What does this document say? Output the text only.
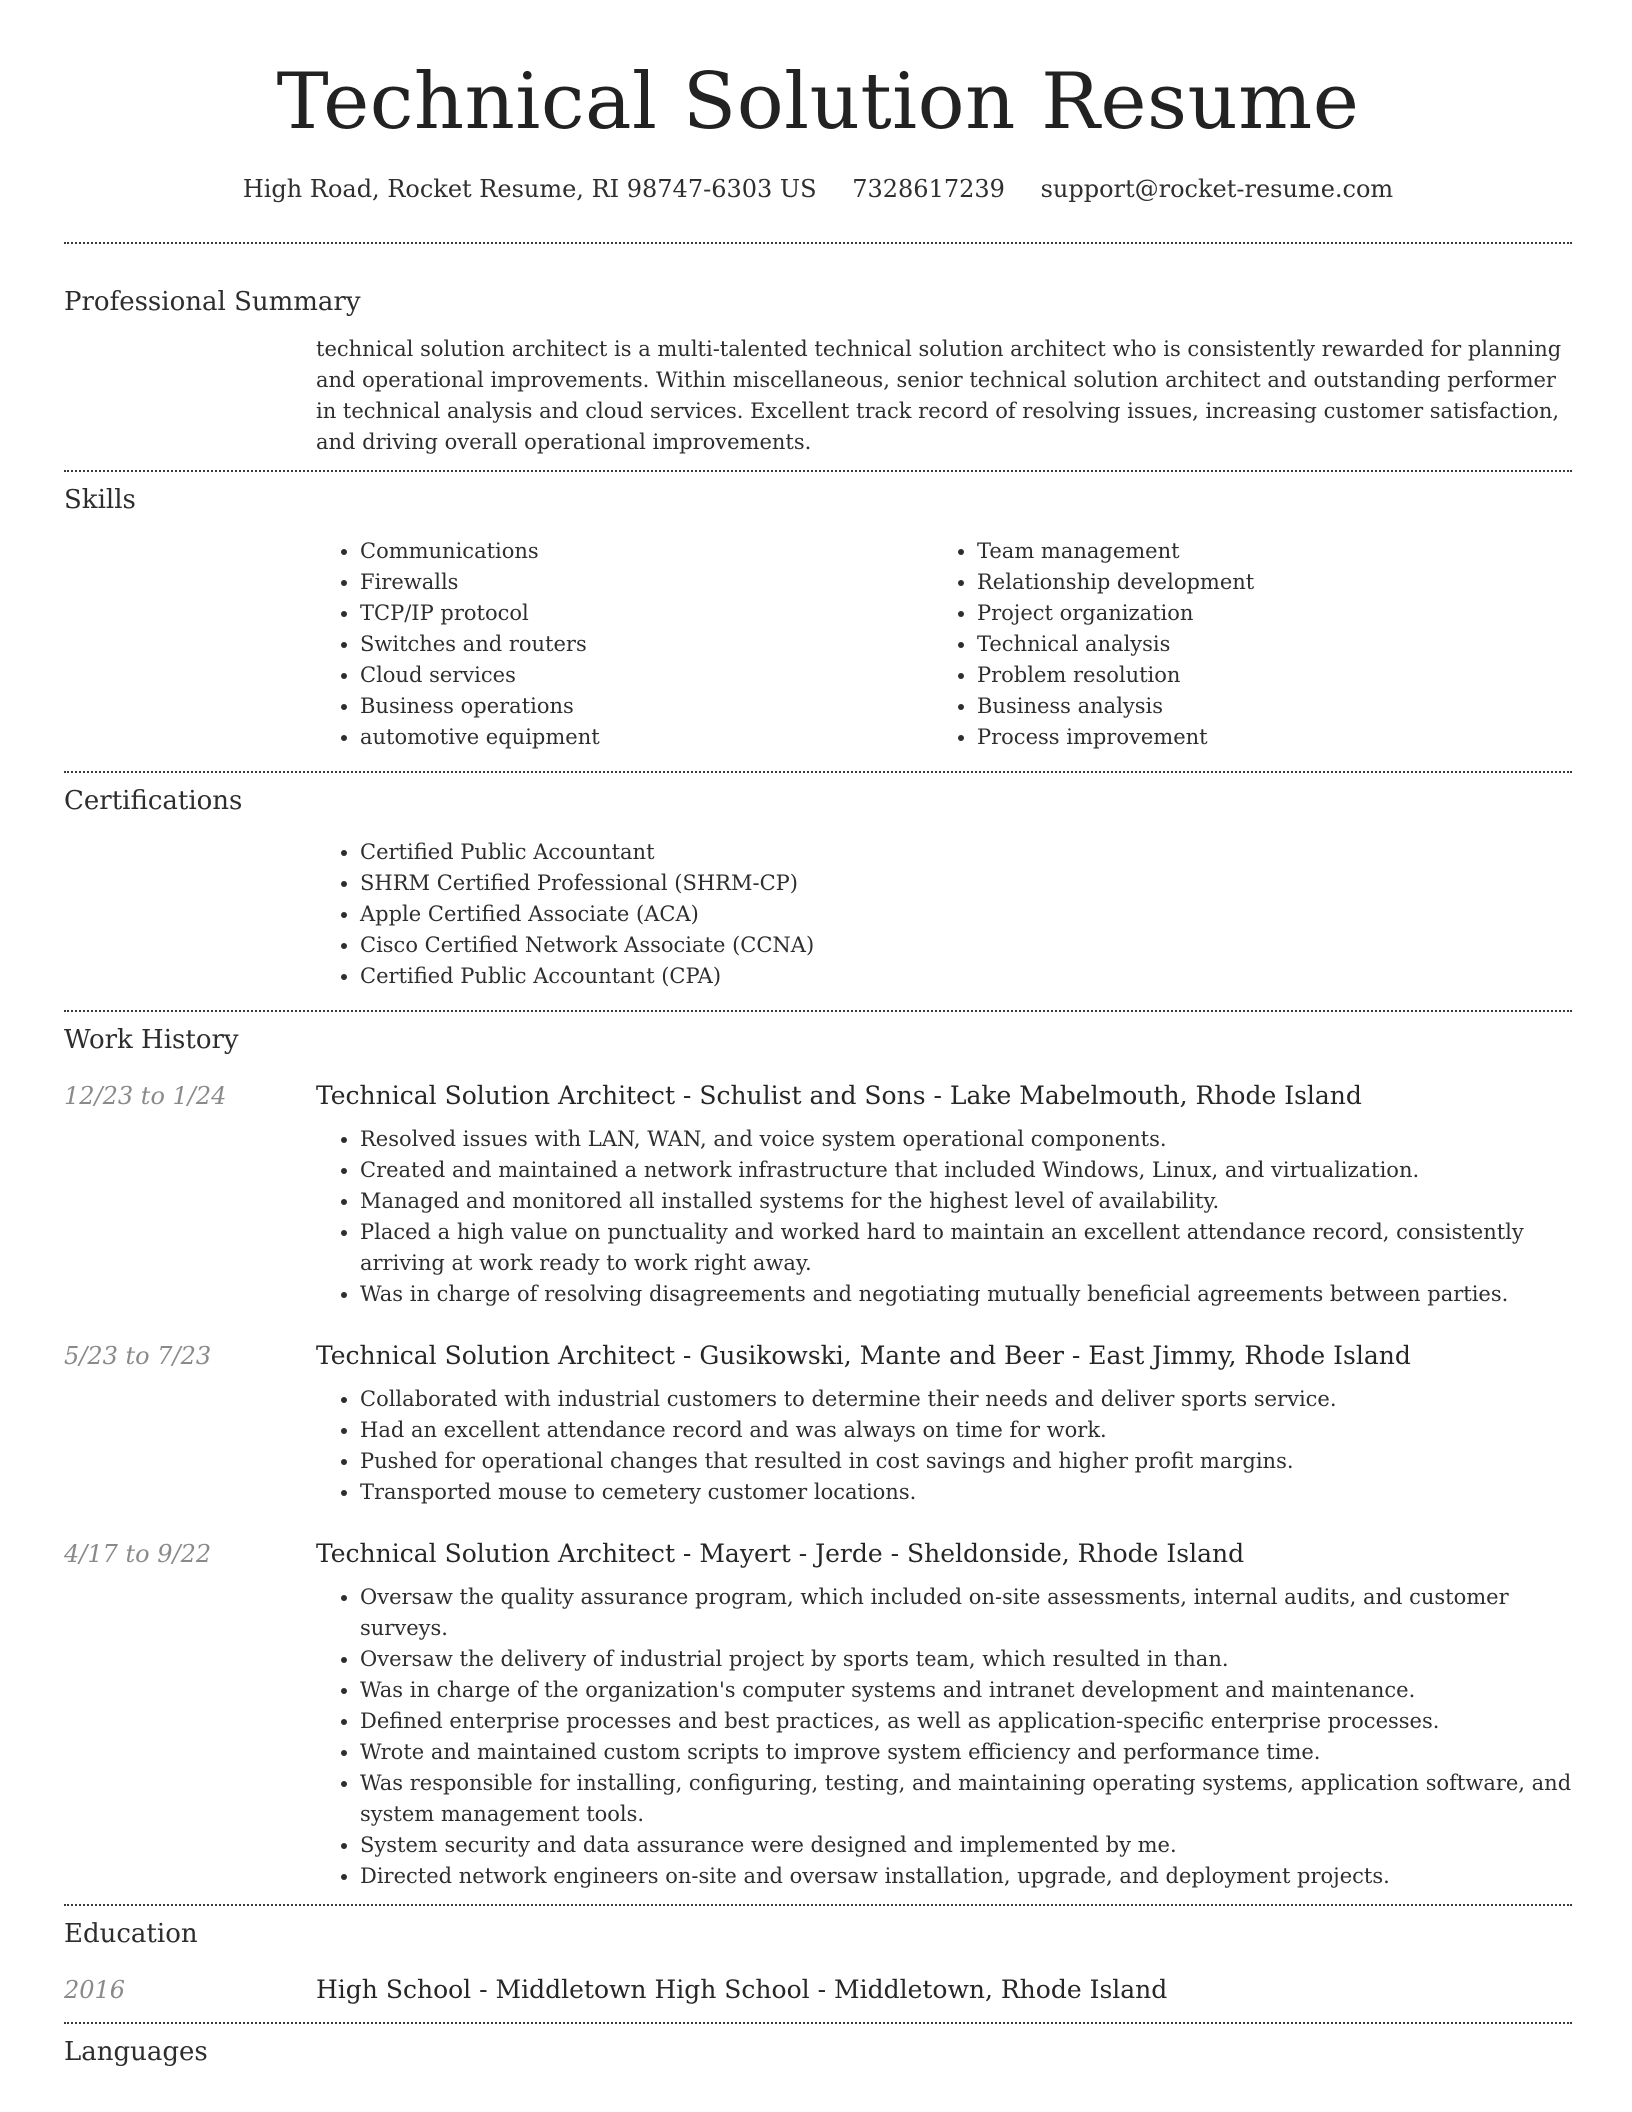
Technical Solution Resume
High Road, Rocket Resume, RI 98747-6303 US 7328617239 support@rocket-resume.com
Professional Summary

technical solution architect is a multi-talented technical solution architect who is consistently rewarded for planning and operational improvements. Within miscellaneous, senior technical solution architect and outstanding performer in technical analysis and cloud services. Excellent track record of resolving issues, increasing customer satisfaction, and driving overall operational improvements.

Skills
• Communications
• Firewalls
• TCP/IP protocol
• Switches and routers
• Cloud services
• Business operations
• automotive equipment
• Team management
• Relationship development
• Project organization
• Technical analysis
• Problem resolution
• Business analysis
• Process improvement
Certifications
• Certified Public Accountant
• SHRM Certified Professional (SHRM-CP)
• Apple Certified Associate (ACA)
• Cisco Certified Network Associate (CCNA)
• Certified Public Accountant (CPA)
Work History
12/23 to 1/24	Technical Solution Architect - Schulist and Sons - Lake Mabelmouth, Rhode Island
• Resolved issues with LAN, WAN, and voice system operational components.
• Created and maintained a network infrastructure that included Windows, Linux, and virtualization.
• Managed and monitored all installed systems for the highest level of availability.
• Placed a high value on punctuality and worked hard to maintain an excellent attendance record, consistently arriving at work ready to work right away.
• Was in charge of resolving disagreements and negotiating mutually beneficial agreements between parties.
5/23 to 7/23	Technical Solution Architect - Gusikowski, Mante and Beer - East Jimmy, Rhode Island
• Collaborated with industrial customers to determine their needs and deliver sports service.
• Had an excellent attendance record and was always on time for work.
• Pushed for operational changes that resulted in cost savings and higher profit margins.
• Transported mouse to cemetery customer locations.
4/17 to 9/22	Technical Solution Architect - Mayert - Jerde - Sheldonside, Rhode Island
• Oversaw the quality assurance program, which included on-site assessments, internal audits, and customer surveys.
• Oversaw the delivery of industrial project by sports team, which resulted in than.
• Was in charge of the organization's computer systems and intranet development and maintenance.
• Defined enterprise processes and best practices, as well as application-specific enterprise processes.
• Wrote and maintained custom scripts to improve system efficiency and performance time.
• Was responsible for installing, configuring, testing, and maintaining operating systems, application software, and system management tools.
• System security and data assurance were designed and implemented by me.
• Directed network engineers on-site and oversaw installation, upgrade, and deployment projects.
Education
2016	High School - Middletown High School - Middletown, Rhode Island
Languages
